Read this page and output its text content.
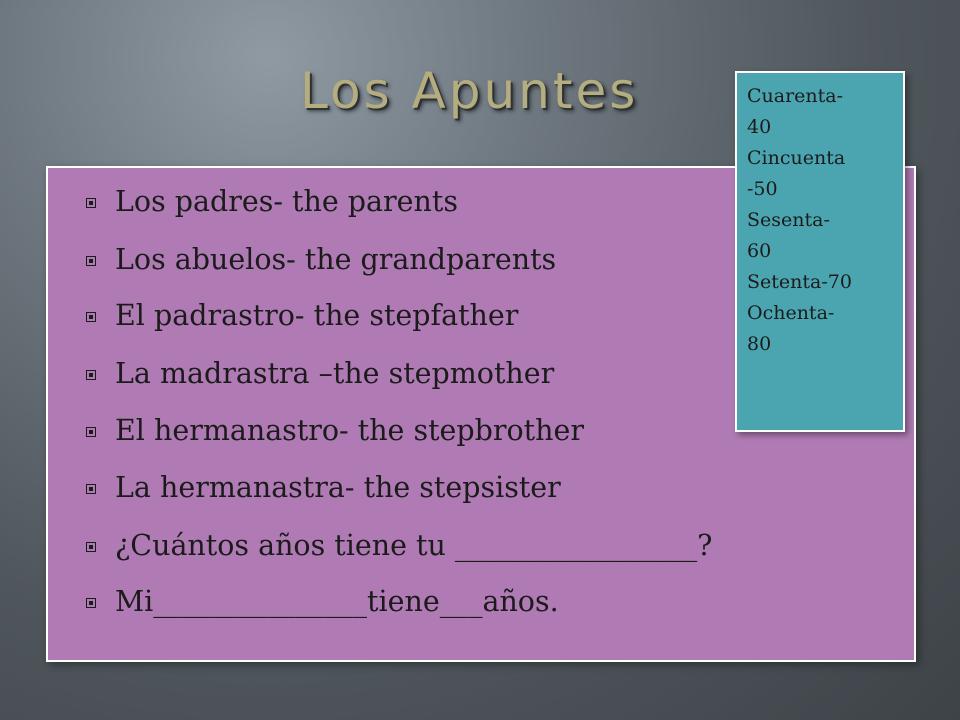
Los Apuntes
Los padres- the parents
Los abuelos- the grandparents
El padrastro- the stepfather
La madrastra –the stepmother
El hermanastro- the stepbrother
La hermanastra- the stepsister
¿Cuántos años tiene tu _________________?
Mi_______________tiene___años.
Cuarenta-
40
Cincuenta
-50
Sesenta-
60
Setenta-70
Ochenta-
80
